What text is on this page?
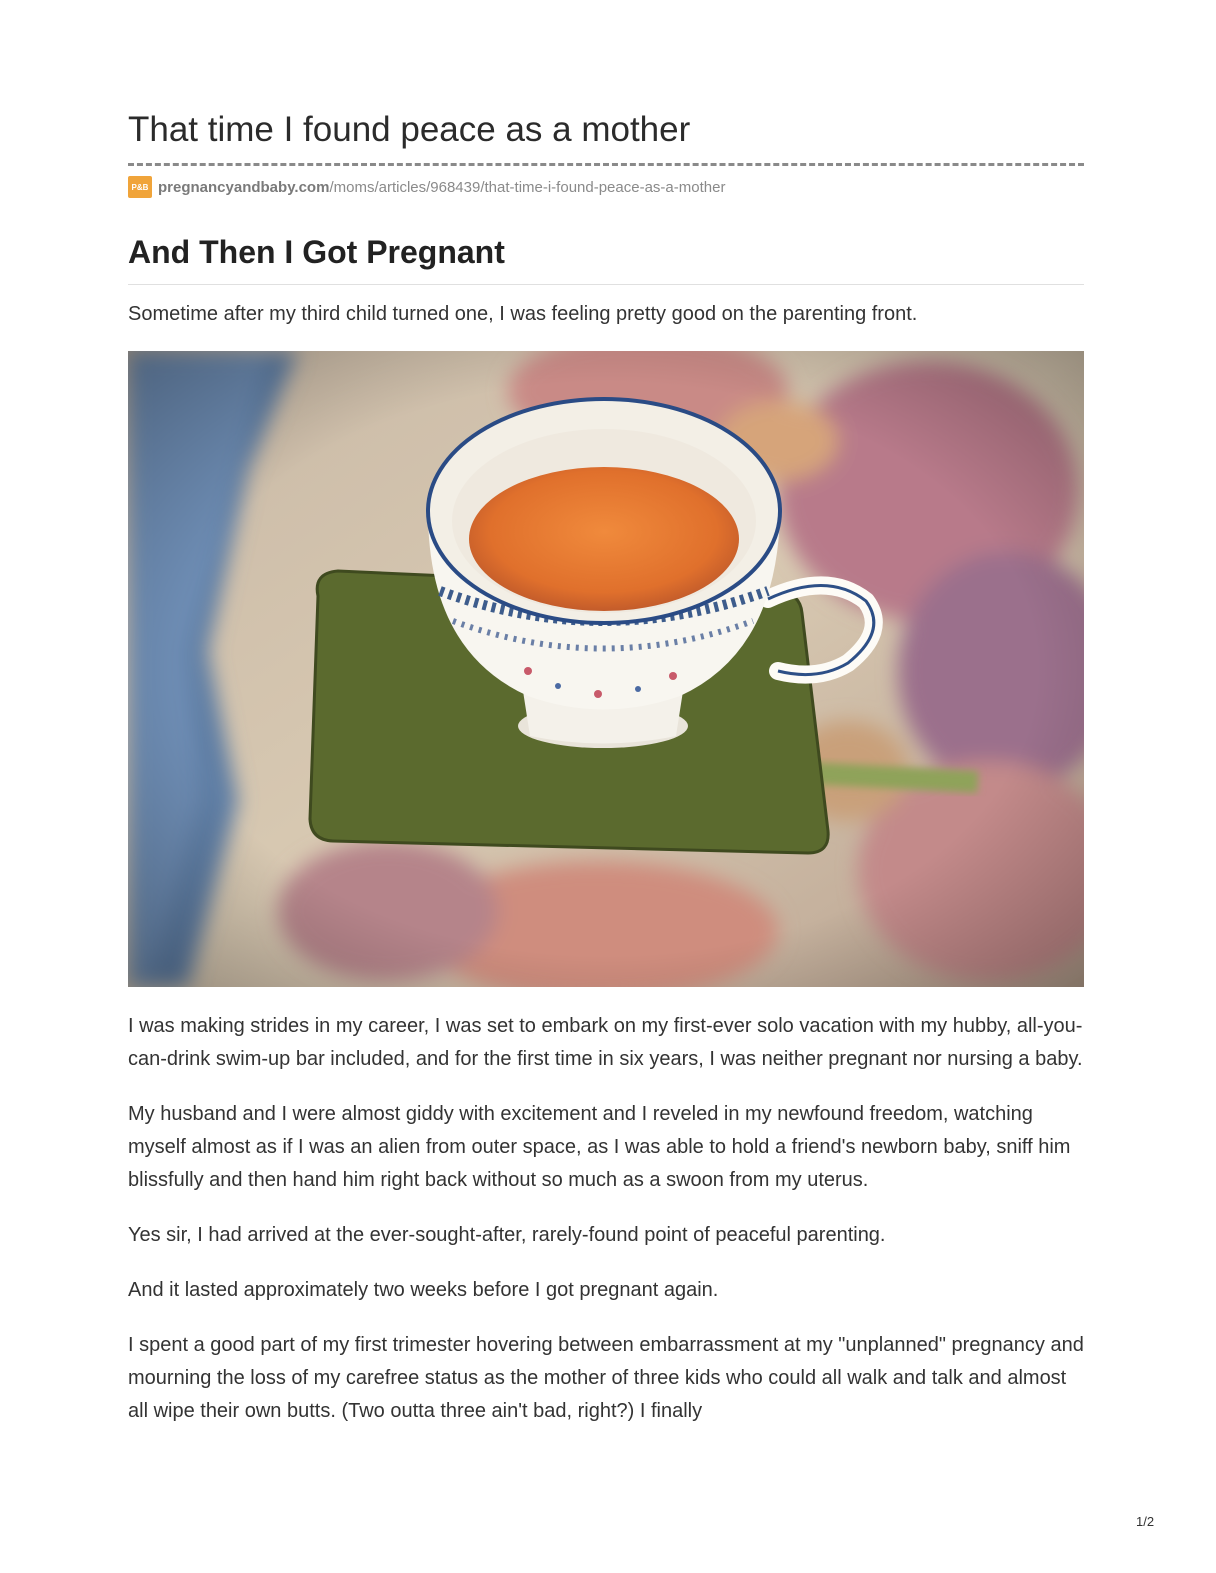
That time I found peace as a mother
P&B pregnancyandbaby.com/moms/articles/968439/that-time-i-found-peace-as-a-mother
And Then I Got Pregnant

Sometime after my third child turned one, I was feeling pretty good on the parenting front.

I was making strides in my career, I was set to embark on my first-ever solo vacation with my hubby, all-you-can-drink swim-up bar included, and for the first time in six years, I was neither pregnant nor nursing a baby.

My husband and I were almost giddy with excitement and I reveled in my newfound freedom, watching myself almost as if I was an alien from outer space, as I was able to hold a friend's newborn baby, sniff him blissfully and then hand him right back without so much as a swoon from my uterus.

Yes sir, I had arrived at the ever-sought-after, rarely-found point of peaceful parenting.

And it lasted approximately two weeks before I got pregnant again.

I spent a good part of my first trimester hovering between embarrassment at my "unplanned" pregnancy and mourning the loss of my carefree status as the mother of three kids who could all walk and talk and almost all wipe their own butts. (Two outta three ain't bad, right?) I finally

1/2
